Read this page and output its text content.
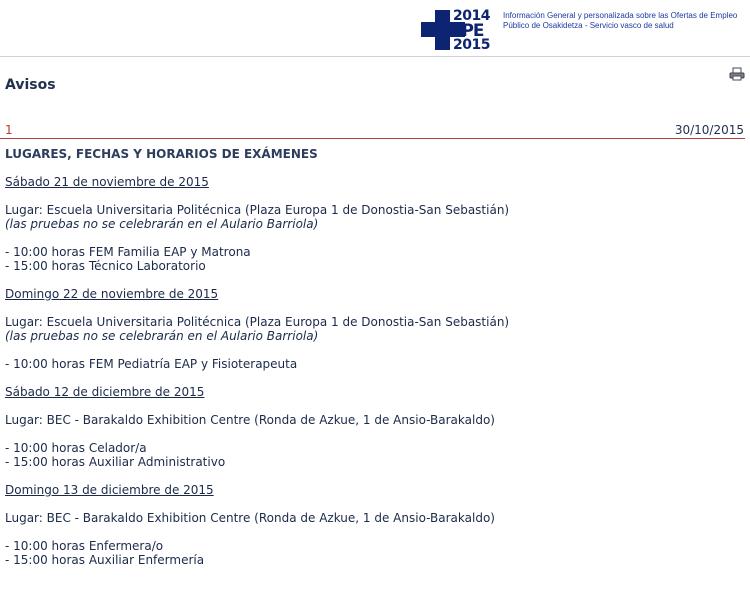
2014
OPE
2015
Información General y personalizada sobre las Ofertas de Empleo Público de Osakidetza - Servicio vasco de salud
Avisos
1	30/10/2015
LUGARES, FECHAS Y HORARIOS DE EXÁMENES
Sábado 21 de noviembre de 2015
Lugar: Escuela Universitaria Politécnica (Plaza Europa 1 de Donostia-San Sebastián)
(las pruebas no se celebrarán en el Aulario Barriola)
- 10:00 horas FEM Familia EAP y Matrona
- 15:00 horas Técnico Laboratorio
Domingo 22 de noviembre de 2015
Lugar: Escuela Universitaria Politécnica (Plaza Europa 1 de Donostia-San Sebastián)
(las pruebas no se celebrarán en el Aulario Barriola)
- 10:00 horas FEM Pediatría EAP y Fisioterapeuta
Sábado 12 de diciembre de 2015
Lugar: BEC - Barakaldo Exhibition Centre (Ronda de Azkue, 1 de Ansio-Barakaldo)
- 10:00 horas Celador/a
- 15:00 horas Auxiliar Administrativo
Domingo 13 de diciembre de 2015
Lugar: BEC - Barakaldo Exhibition Centre (Ronda de Azkue, 1 de Ansio-Barakaldo)
- 10:00 horas Enfermera/o
- 15:00 horas Auxiliar Enfermería
